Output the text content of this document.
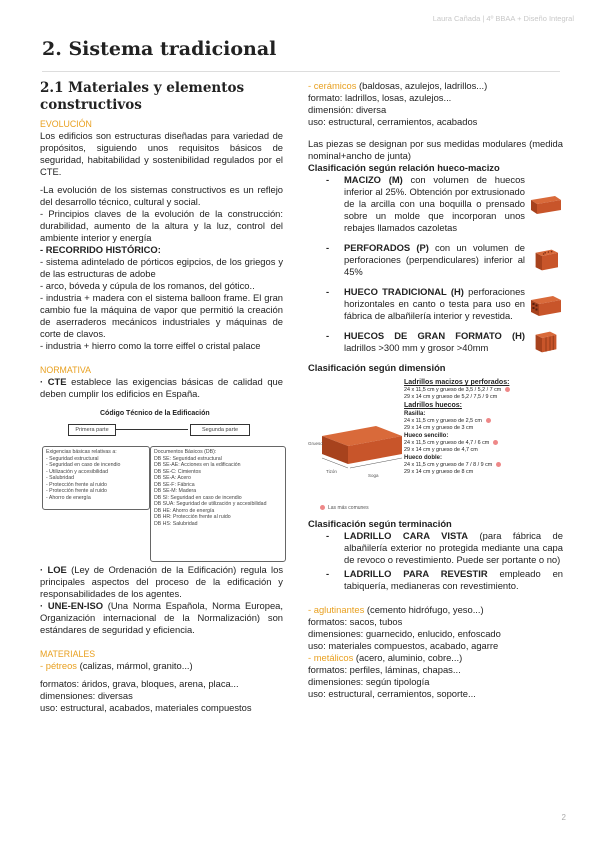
Laura Cañada | 4º BBAA + Diseño Integral
2. Sistema tradicional
2.1 Materiales y elementos constructivos
EVOLUCIÓN

Los edificios son estructuras diseñadas para variedad de propósitos, siguiendo unos requisitos básicos de seguridad, habitabilidad y sostenibilidad regulados por el CTE.

-La evolución de los sistemas constructivos es un reflejo del desarrollo técnico, cultural y social.

- Principios claves de la evolución de la construcción: durabilidad, aumento de la altura y la luz, control del ambiente interior y energía

- RECORRIDO HISTÓRICO:

- sistema adintelado de pórticos egipcios, de los griegos y de las estructuras de adobe

- arco, bóveda y cúpula de los romanos, del gótico..

- industria + madera con el sistema balloon frame. El gran cambio fue la máquina de vapor que permitió la creación de aserraderos mecánicos industriales y máquinas de corte de clavos.

- industria + hierro como la torre eiffel o cristal palace

NORMATIVA

· CTE establece las exigencias básicas de calidad que deben cumplir los edificios en España.

Código Técnico de la Edificación
Primera parte	Segunda parte
Exigencias básicas relativas a:
- Seguridad estructural
- Seguridad en caso de incendio
- Utilización y accesibilidad
- Salubridad
- Protección frente al ruido
- Protección frente al ruido
- Ahorro de energía
Documentos Básicos (DB):
DB SE: Seguridad estructural
DB SE-AE: Acciones en la edificación
DB SE-C: Cimientos
DB SE-A: Acero
DB SE-F: Fábrica
DB SE-M: Madera
DB SI: Seguridad en caso de incendio
DB SUA: Seguridad de utilización y accesibilidad
DB HE: Ahorro de energía
DB HR: Protección frente al ruido
DB HS: Salubridad

· LOE (Ley de Ordenación de la Edificación) regula los principales aspectos del proceso de la edificación y responsabilidades de los agentes.

· UNE-EN-ISO (Una Norma Española, Norma Europea, Organización internacional de la Normalización) son estándares de seguridad y eficiencia.

MATERIALES

- pétreos (calizas, mármol, granito...)

formatos: áridos, grava, bloques, arena, placa...

dimensiones: diversas

uso: estructural, acabados, materiales compuestos

- cerámicos (baldosas, azulejos, ladrillos...)

formato: ladrillos, losas, azulejos...

dimensión: diversa

uso: estructural, cerramientos, acabados

Las piezas se designan por sus medidas modulares (medida nominal+ancho de junta)

Clasificación según relación hueco-macizo

- MACIZO (M) con volumen de huecos inferior al 25%. Obtención por extrusionado de la arcilla con una boquilla o prensado sobre un molde que incorporan unos rebajes llamados cazoletas
- PERFORADOS (P) con un volumen de perforaciones (perpendiculares) inferior al 45%
- HUECO TRADICIONAL (H) perforaciones horizontales en canto o testa para uso en fábrica de albañilería interior y revestida.
- HUECOS DE GRAN FORMATO (H) ladrillos >300 mm y grosor >40mm

Clasificación según dimensión

Soga
Tizón
Grueso
Las más comunes
Ladrillos macizos y perforados:
24 x 11,5 cm y grueso de 3,5 / 5,2 / 7 cm
29 x 14 cm y grueso de 5,2 / 7,5 / 9 cm
Ladrillos huecos:
Rasilla:
24 x 11,5 cm y grueso de 2,5 cm
29 x 14 cm y grueso de 3 cm
Hueco sencillo:
24 x 11,5 cm y grueso de 4,7 / 6 cm
29 x 14 cm y grueso de 4,7 cm
Hueco doble:
24 x 11,5 cm y grueso de 7 / 8 / 9 cm
29 x 14 cm y grueso de 8 cm

Clasificación según terminación

- LADRILLO CARA VISTA (para fábrica de albañilería exterior no protegida mediante una capa de revoco o revestimiento. Puede ser portante o no)
- LADRILLO PARA REVESTIR empleado en tabiquería, medianeras con revestimiento.

- aglutinantes (cemento hidrófugo, yeso...)

formatos: sacos, tubos

dimensiones: guarnecido, enlucido, enfoscado

uso: materiales compuestos, acabado, agarre

- metálicos (acero, aluminio, cobre...)

formatos: perfiles, láminas, chapas...

dimensiones: según tipología

uso: estructural, cerramientos, soporte...

2
